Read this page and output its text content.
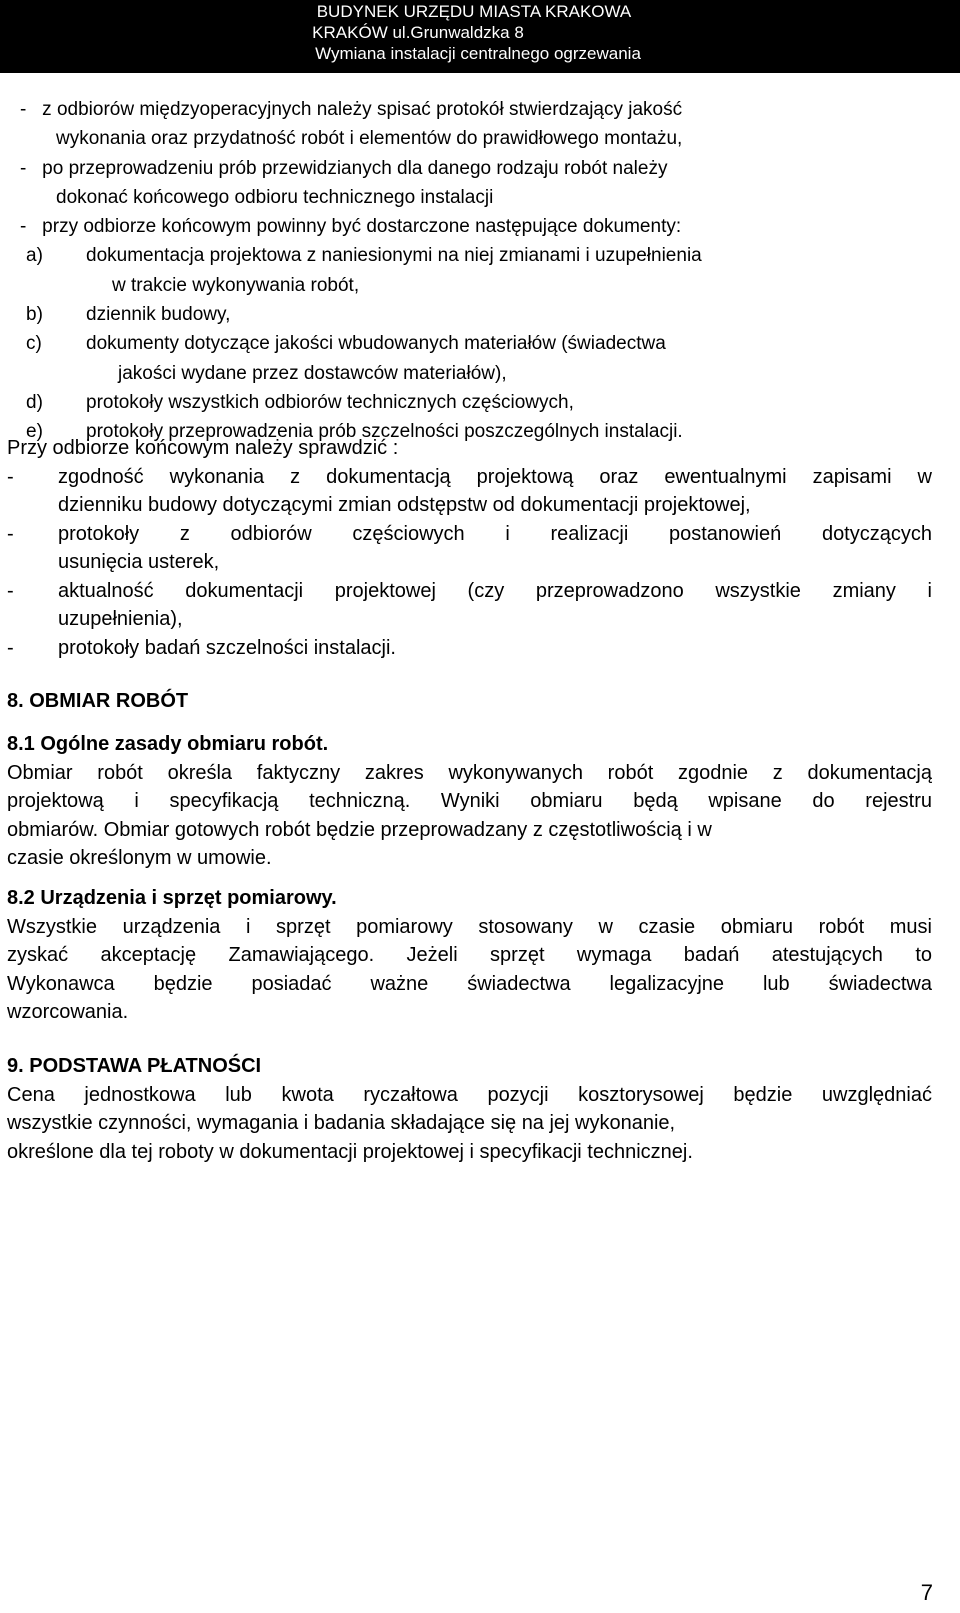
BUDYNEK URZĘDU MIASTA KRAKOWA
KRAKÓW ul.Grunwaldzka 8
Wymiana instalacji centralnego ogrzewania
- z odbiorów międzyoperacyjnych należy spisać protokół stwierdzający jakość
wykonania oraz przydatność robót i elementów do prawidłowego montażu,
- po przeprowadzeniu prób przewidzianych dla danego rodzaju robót należy
dokonać końcowego odbioru technicznego instalacji
- przy odbiorze końcowym powinny być dostarczone następujące dokumenty:
a) dokumentacja projektowa z naniesionymi na niej zmianami i uzupełnienia
w trakcie wykonywania robót,
b) dziennik budowy,
c) dokumenty dotyczące jakości wbudowanych materiałów (świadectwa
jakości wydane przez dostawców materiałów),
d) protokoły wszystkich odbiorów technicznych częściowych,
e) protokoły przeprowadzenia prób szczelności poszczególnych instalacji.
Przy odbiorze końcowym należy sprawdzić :
-	zgodność wykonania z dokumentacją projektową oraz ewentualnymi zapisami w
dzienniku budowy dotyczącymi zmian odstępstw od dokumentacji projektowej,
-	protokoły z odbiorów częściowych i realizacji postanowień dotyczących
usunięcia usterek,
-	aktualność dokumentacji projektowej (czy przeprowadzono wszystkie zmiany i
uzupełnienia),
-	protokoły badań szczelności instalacji.
8. OBMIAR ROBÓT
8.1 Ogólne zasady obmiaru robót.
Obmiar robót określa faktyczny zakres wykonywanych robót zgodnie z dokumentacją
projektową i specyfikacją techniczną. Wyniki obmiaru będą wpisane do rejestru
obmiarów. Obmiar gotowych robót będzie przeprowadzany z częstotliwością i w
czasie określonym w umowie.
8.2 Urządzenia i sprzęt pomiarowy.
Wszystkie urządzenia i sprzęt pomiarowy stosowany w czasie obmiaru robót musi
zyskać akceptację Zamawiającego. Jeżeli sprzęt wymaga badań atestujących to
Wykonawca będzie posiadać ważne świadectwa legalizacyjne lub świadectwa
wzorcowania.
9. PODSTAWA PŁATNOŚCI
Cena jednostkowa lub kwota ryczałtowa pozycji kosztorysowej będzie uwzględniać
wszystkie czynności, wymagania i badania składające się na jej wykonanie,
określone dla tej roboty w dokumentacji projektowej i specyfikacji technicznej.
7
